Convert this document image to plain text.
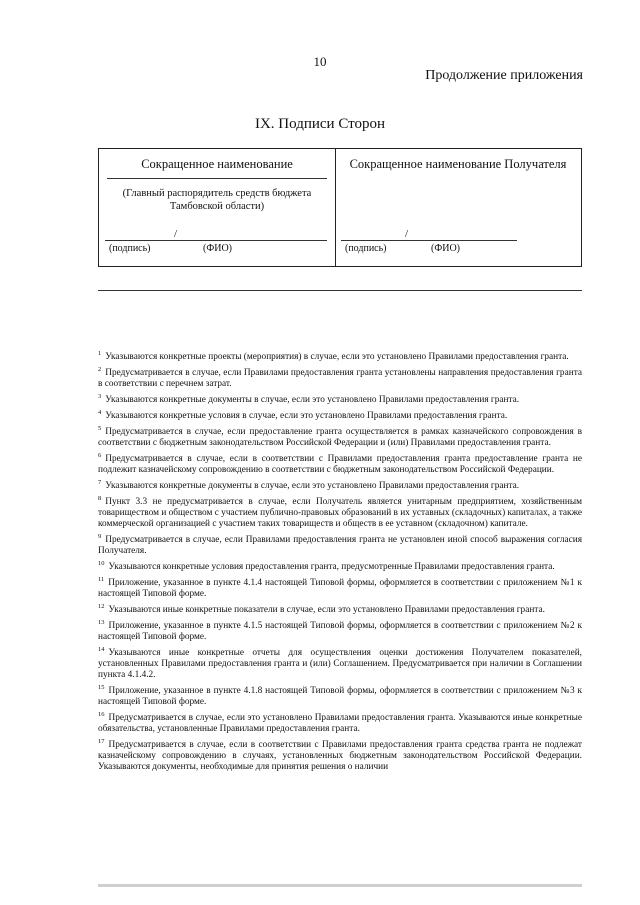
10
Продолжение приложения
IX. Подписи Сторон
Сокращенное наименование
(Главный распорядитель средств бюджета
Тамбовской области)
/
(подпись)	(ФИО)
Сокращенное наименование Получателя
/
(подпись)	(ФИО)

$^1$ Указываются конкретные проекты (мероприятия) в случае, если это установлено Правилами предоставления гранта.

$^2$ Предусматривается в случае, если Правилами предоставления гранта установлены направления предоставления гранта в соответствии с перечнем затрат.

$^3$ Указываются конкретные документы в случае, если это установлено Правилами предоставления гранта.

$^4$ Указываются конкретные условия в случае, если это установлено Правилами предоставления гранта.

$^5$ Предусматривается в случае, если предоставление гранта осуществляется в рамках казначейского сопровождения в соответствии с бюджетным законодательством Российской Федерации и (или) Правилами предоставления гранта.

$^6$ Предусматривается в случае, если в соответствии с Правилами предоставления гранта предоставление гранта не подлежит казначейскому сопровождению в соответствии с бюджетным законодательством Российской Федерации.

$^7$ Указываются конкретные документы в случае, если это установлено Правилами предоставления гранта.

$^8$ Пункт 3.3 не предусматривается в случае, если Получатель является унитарным предприятием, хозяйственным товариществом и обществом с участием публично-правовых образований в их уставных (складочных) капиталах, а также коммерческой организацией с участием таких товариществ и обществ в ее уставном (складочном) капитале.

$^9$ Предусматривается в случае, если Правилами предоставления гранта не установлен иной способ выражения согласия Получателя.

$^{10}$ Указываются конкретные условия предоставления гранта, предусмотренные Правилами предоставления гранта.

$^{11}$ Приложение, указанное в пункте 4.1.4 настоящей Типовой формы, оформляется в соответствии с приложением №1 к настоящей Типовой форме.

$^{12}$ Указываются иные конкретные показатели в случае, если это установлено Правилами предоставления гранта.

$^{13}$ Приложение, указанное в пункте 4.1.5 настоящей Типовой формы, оформляется в соответствии с приложением №2 к настоящей Типовой форме.

$^{14}$ Указываются иные конкретные отчеты для осуществления оценки достижения Получателем показателей, установленных Правилами предоставления гранта и (или) Соглашением. Предусматривается при наличии в Соглашении пункта 4.1.4.2.

$^{15}$ Приложение, указанное в пункте 4.1.8 настоящей Типовой формы, оформляется в соответствии с приложением №3 к настоящей Типовой форме.

$^{16}$ Предусматривается в случае, если это установлено Правилами предоставления гранта. Указываются иные конкретные обязательства, установленные Правилами предоставления гранта.

$^{17}$ Предусматривается в случае, если в соответствии с Правилами предоставления гранта средства гранта не подлежат казначейскому сопровождению в случаях, установленных бюджетным законодательством Российской Федерации. Указываются документы, необходимые для принятия решения о наличии
